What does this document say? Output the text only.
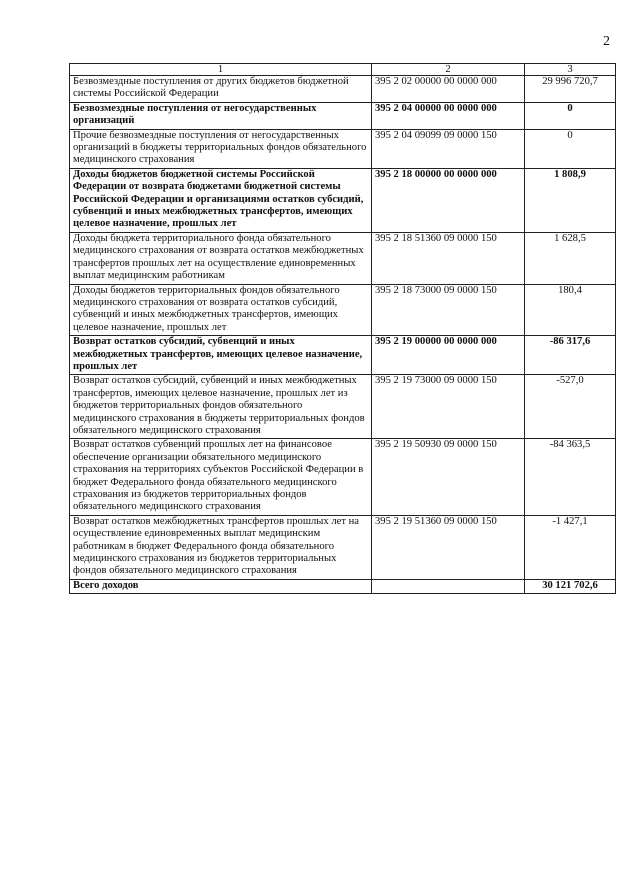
2
1	2	3
Безвозмездные поступления от других бюджетов бюджетной системы Российской Федерации	395 2 02 00000 00 0000 000	29 996 720,7
Безвозмездные поступления от негосударственных организаций	395 2 04 00000 00 0000 000	0
Прочие безвозмездные поступления от негосударственных организаций в бюджеты территориальных фондов обязательного медицинского страхования	395 2 04 09099 09 0000 150	0
Доходы бюджетов бюджетной системы Российской Федерации от возврата бюджетами бюджетной системы Российской Федерации и организациями остатков субсидий, субвенций и иных межбюджетных трансфертов, имеющих целевое назначение, прошлых лет	395 2 18 00000 00 0000 000	1 808,9
Доходы бюджета территориального фонда обязательного медицинского страхования от возврата остатков межбюджетных трансфертов прошлых лет на осуществление единовременных выплат медицинским работникам	395 2 18 51360 09 0000 150	1 628,5
Доходы бюджетов территориальных фондов обязательного медицинского страхования от возврата остатков субсидий, субвенций и иных межбюджетных трансфертов, имеющих целевое назначение, прошлых лет	395 2 18 73000 09 0000 150	180,4
Возврат остатков субсидий, субвенций и иных межбюджетных трансфертов, имеющих целевое назначение, прошлых лет	395 2 19 00000 00 0000 000	-86 317,6
Возврат остатков субсидий, субвенций и иных межбюджетных трансфертов, имеющих целевое назначение, прошлых лет из бюджетов территориальных фондов обязательного медицинского страхования в бюджеты территориальных фондов обязательного медицинского страхования	395 2 19 73000 09 0000 150	-527,0
Возврат остатков субвенций прошлых лет на финансовое обеспечение организации обязательного медицинского страхования на территориях субъектов Российской Федерации в бюджет Федерального фонда обязательного медицинского страхования из бюджетов территориальных фондов обязательного медицинского страхования	395 2 19 50930 09 0000 150	-84 363,5
Возврат остатков межбюджетных трансфертов прошлых лет на осуществление единовременных выплат медицинским работникам в бюджет Федерального фонда обязательного медицинского страхования из бюджетов территориальных фондов обязательного медицинского страхования	395 2 19 51360 09 0000 150	-1 427,1
Всего доходов		30 121 702,6
